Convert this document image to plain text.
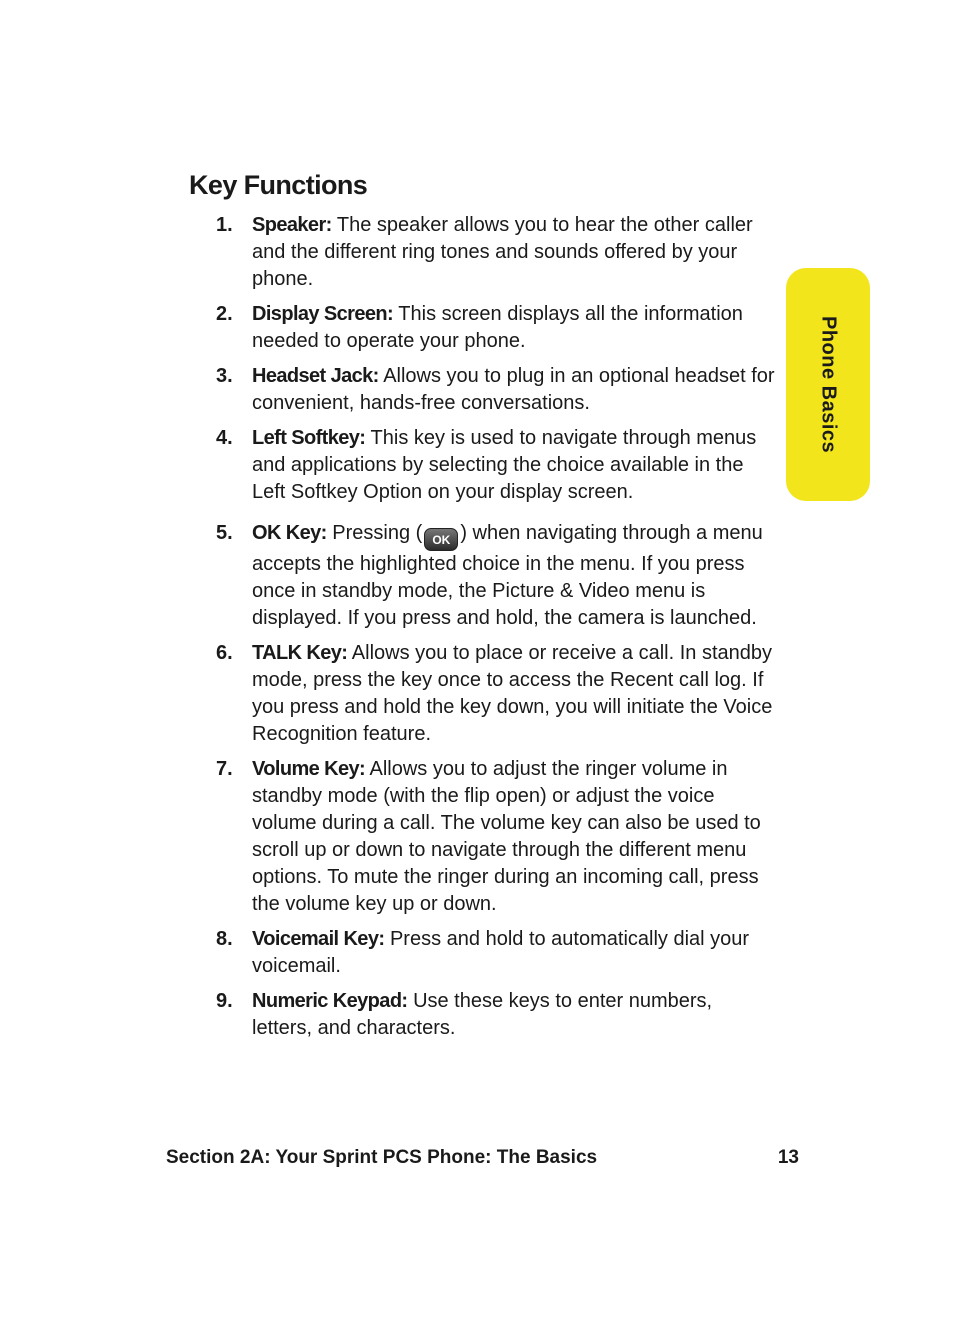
Key Functions
1. Speaker: The speaker allows you to hear the other caller and the different ring tones and sounds offered by your phone.
2. Display Screen: This screen displays all the information needed to operate your phone.
3. Headset Jack: Allows you to plug in an optional headset for convenient, hands-free conversations.
4. Left Softkey: This key is used to navigate through menus and applications by selecting the choice available in the Left Softkey Option on your display screen.
5. OK Key: Pressing ( OK ) when navigating through a menu accepts the highlighted choice in the menu. If you press once in standby mode, the Picture & Video menu is displayed. If you press and hold, the camera is launched.
6. TALK Key: Allows you to place or receive a call. In standby mode, press the key once to access the Recent call log. If you press and hold the key down, you will initiate the Voice Recognition feature.
7. Volume Key: Allows you to adjust the ringer volume in standby mode (with the flip open) or adjust the voice volume during a call. The volume key can also be used to scroll up or down to navigate through the different menu options. To mute the ringer during an incoming call, press the volume key up or down.
8. Voicemail Key: Press and hold to automatically dial your voicemail.
9. Numeric Keypad: Use these keys to enter numbers, letters, and characters.
Phone Basics
Section 2A: Your Sprint PCS Phone: The Basics	13
